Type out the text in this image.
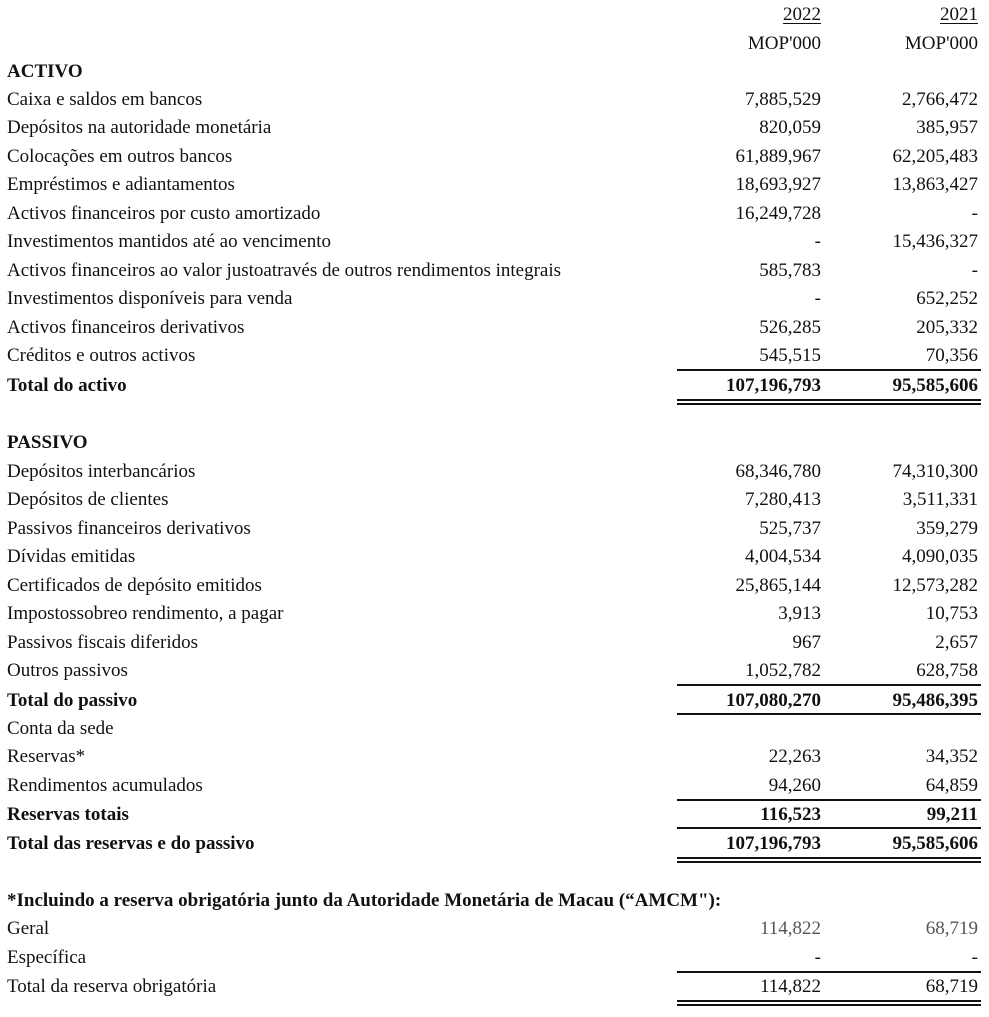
2022	2021
MOP'000	MOP'000
ACTIVO
Caixa e saldos em bancos	7,885,529	2,766,472
Depósitos na autoridade monetária	820,059	385,957
Colocações em outros bancos	61,889,967	62,205,483
Empréstimos e adiantamentos	18,693,927	13,863,427
Activos financeiros por custo amortizado	16,249,728	-
Investimentos mantidos até ao vencimento	-	15,436,327
Activos financeiros ao valor justoatravés de outros rendimentos integrais	585,783	-
Investimentos disponíveis para venda	-	652,252
Activos financeiros derivativos	526,285	205,332
Créditos e outros activos	545,515	70,356
Total do activo	107,196,793	95,585,606
PASSIVO
Depósitos interbancários	68,346,780	74,310,300
Depósitos de clientes	7,280,413	3,511,331
Passivos financeiros derivativos	525,737	359,279
Dívidas emitidas	4,004,534	4,090,035
Certificados de depósito emitidos	25,865,144	12,573,282
Impostossobreo rendimento, a pagar	3,913	10,753
Passivos fiscais diferidos	967	2,657
Outros passivos	1,052,782	628,758
Total do passivo	107,080,270	95,486,395
Conta da sede
Reservas*	22,263	34,352
Rendimentos acumulados	94,260	64,859
Reservas totais	116,523	99,211
Total das reservas e do passivo	107,196,793	95,585,606
*Incluindo a reserva obrigatória junto da Autoridade Monetária de Macau (“AMCM"):
Geral	114,822	68,719
Específica	-	-
Total da reserva obrigatória	114,822	68,719
